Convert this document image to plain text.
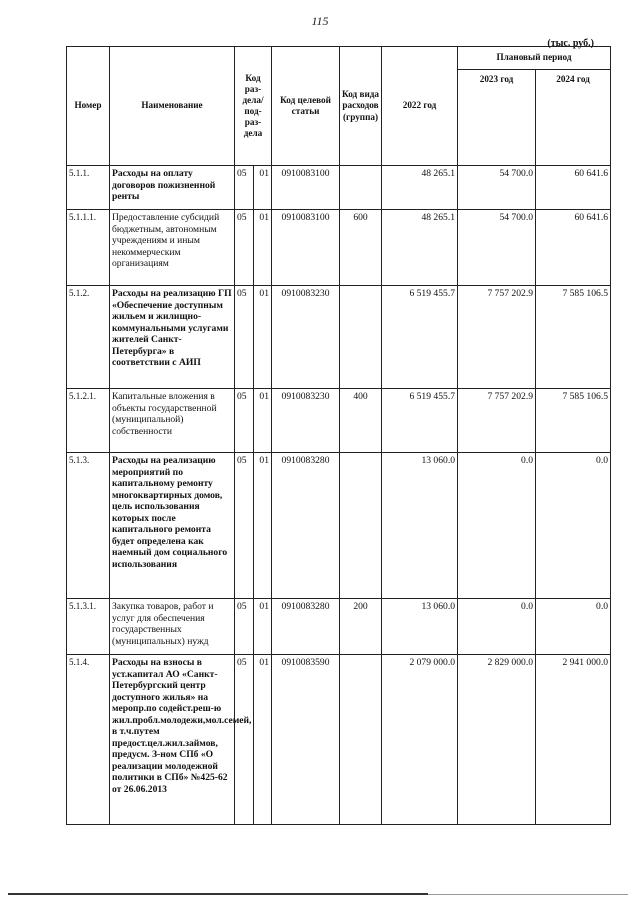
115
(тыс. руб.)
Номер	Наименование	Код раз-дела/ под-раз-дела		Код целевой статьи	Код вида расходов (группа)	2022 год	Плановый период	
							2023 год	2024 год
5.1.1.	Расходы на оплату договоров пожизненной ренты	05	01	0910083100		48 265.1	54 700.0	60 641.6
5.1.1.1.	Предоставление субсидий бюджетным, автономным учреждениям и иным некоммерческим организациям	05	01	0910083100	600	48 265.1	54 700.0	60 641.6
5.1.2.	Расходы на реализацию ГП «Обеспечение доступным жильем и жилищно-коммунальными услугами жителей Санкт-Петербурга» в соответствии с АИП	05	01	0910083230		6 519 455.7	7 757 202.9	7 585 106.5
5.1.2.1.	Капитальные вложения в объекты государственной (муниципальной) собственности	05	01	0910083230	400	6 519 455.7	7 757 202.9	7 585 106.5
5.1.3.	Расходы на реализацию мероприятий по капитальному ремонту многоквартирных домов, цель использования которых после капитального ремонта будет определена как наемный дом социального использования	05	01	0910083280		13 060.0	0.0	0.0
5.1.3.1.	Закупка товаров, работ и услуг для обеспечения государственных (муниципальных) нужд	05	01	0910083280	200	13 060.0	0.0	0.0
5.1.4.	Расходы на взносы в уст.капитал АО «Санкт-Петербургский центр доступного жилья» на меропр.по содейст.реш-ю жил.пробл.молодежи,мол.семей, в т.ч.путем предост.цел.жил.займов, предусм. З-ном СПб «О реализации молодежной политики в СПб» №425-62 от 26.06.2013	05	01	0910083590		2 079 000.0	2 829 000.0	2 941 000.0
